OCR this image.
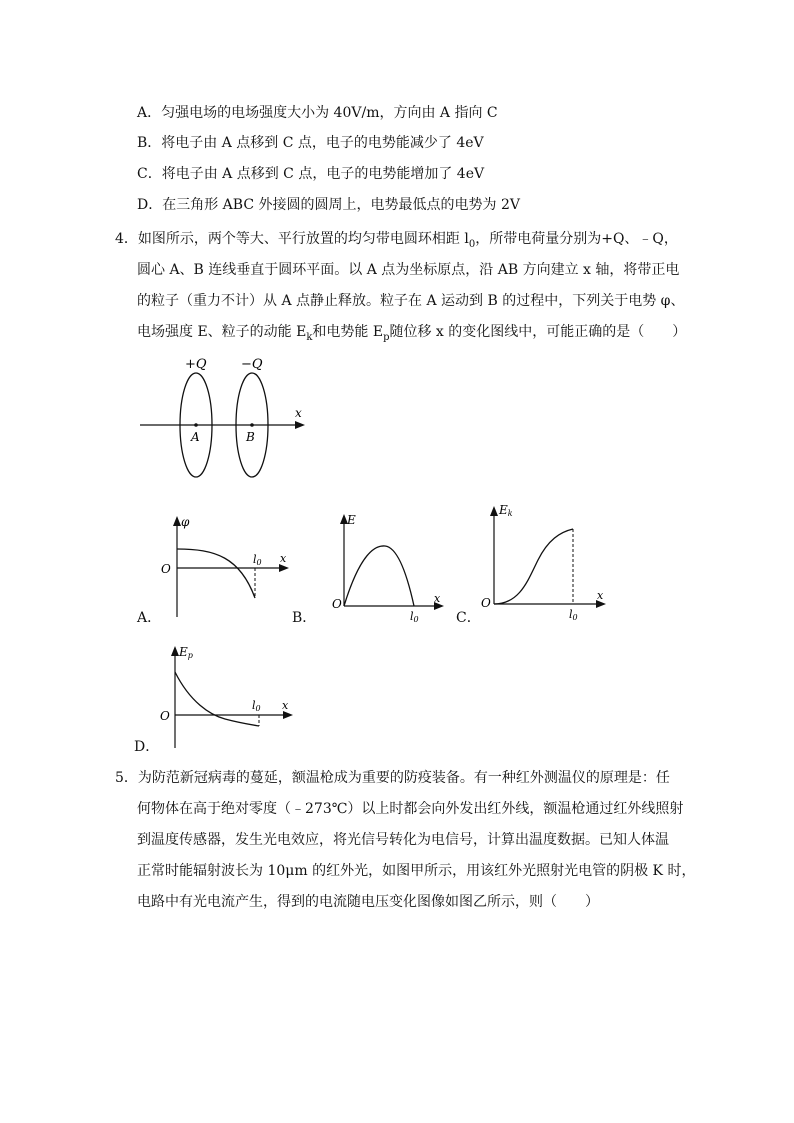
A．匀强电场的电场强度大小为 40V/m，方向由 A 指向 C
B．将电子由 A 点移到 C 点，电子的电势能减少了 4eV
C．将电子由 A 点移到 C 点，电子的电势能增加了 4eV
D．在三角形 ABC 外接圆的圆周上，电势最低点的电势为 2V
4．如图所示，两个等大、平行放置的均匀带电圆环相距 $l_0$，所带电荷量分别为+Q、﹣Q，
圆心 A、B 连线垂直于圆环平面。以 A 点为坐标原点，沿 AB 方向建立 x 轴，将带正电
的粒子（重力不计）从 A 点静止释放。粒子在 A 运动到 B 的过程中，下列关于电势 φ、
电场强度 E、粒子的动能 $E_k$和电势能 $E_p$随位移 x 的变化图线中，可能正确的是（　　）
+Q	−Q
A	B
x
φ
O
l0 x
A．
E
O
l0
x
B．
Ek
O
l0
x
C．
Ep
O
l0 x
D．
5．为防范新冠病毒的蔓延，额温枪成为重要的防疫装备。有一种红外测温仪的原理是：任
何物体在高于绝对零度（﹣273℃）以上时都会向外发出红外线，额温枪通过红外线照射
到温度传感器，发生光电效应，将光信号转化为电信号，计算出温度数据。已知人体温
正常时能辐射波长为 10μm 的红外光，如图甲所示，用该红外光照射光电管的阴极 K 时，
电路中有光电流产生，得到的电流随电压变化图像如图乙所示，则（　　）
